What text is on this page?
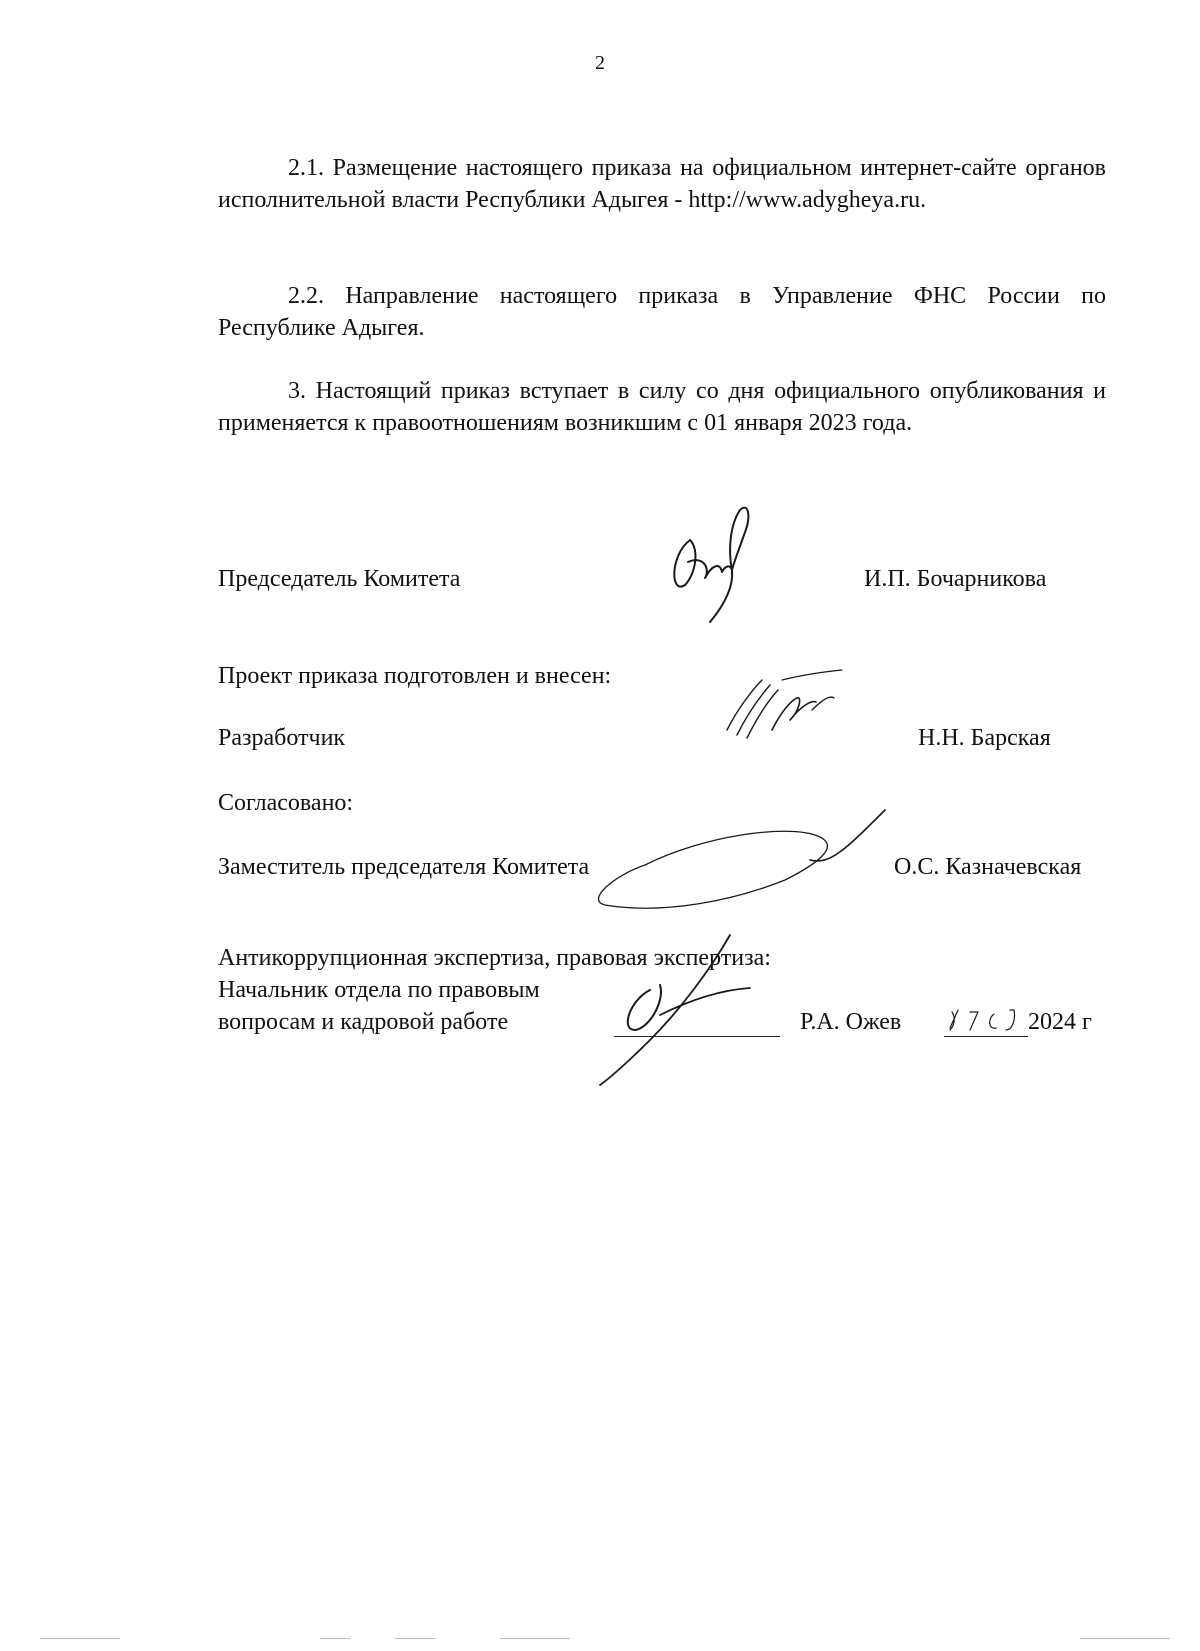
2
2.1. Размещение настоящего приказа на официальном интернет-сайте органов исполнительной власти Республики Адыгея - http://www.adygheya.ru.
2.2. Направление настоящего приказа в Управление ФНС России по Республике Адыгея.
3. Настоящий приказ вступает в силу со дня официального опубликования и применяется к правоотношениям возникшим с 01 января 2023 года.
Председатель Комитета	И.П. Бочарникова
Проект приказа подготовлен и внесен:
Разработчик	Н.Н. Барская
Согласовано:
Заместитель председателя Комитета	О.С. Казначевская
Антикоррупционная экспертиза, правовая экспертиза:
Начальник отдела по правовым
вопросам и кадровой работе	Р.А. Ожев	2024 г
